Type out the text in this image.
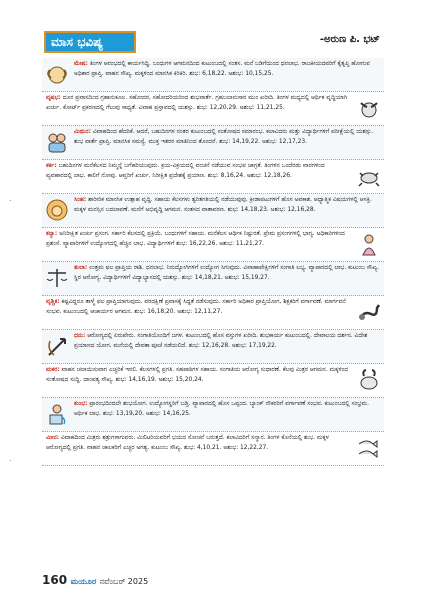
ಮಾಸ ಭವಿಷ್ಯ	-ಅರುಣ ಪಿ. ಭಟ್
ಮೇಷ: ತಿಂಗಳ ಆರಂಭದಲ್ಲಿ ಕಾರ್ಯಸಿದ್ಧಿ. ಬಂಧುಗಳ ಆಗಮನದಿಂದ ಕುಟುಂಬದಲ್ಲಿ ಸಂತಸ. ಮನೆ ಬಡಿಗೆಯಿಂದ ಧನಲಾಭ. ರಾಜಕೀಯದವರಿಗೆ ಕೈತೃಪ್ತಿ ಹೋಗುವ ಅಧಿಕಾರ ಪ್ರಾಪ್ತಿ. ವಾಹನ ಸೌಖ್ಯ. ಮಕ್ಕಳಿಂದ ಮಾನಸಿಕ ಕಿರಿಕಿರಿ. ಶುಭ: 6,18,22. ಅಶುಭ: 10,15,25.
ವೃಷಭ: ದೂರ ಪ್ರವಾಸದಿಂದ ಗ್ರಹಾನುಕೂಲ. ಸಹೋದರ, ಸಹೋದರಿಯರಿಂದ ಶುಭವಾರ್ತೆ. ಗ್ರಹಬಲಾನುಸಾರ ಮುಂ ಖರೀದಿ. ತಿಂಗಳ ಮಧ್ಯದಲ್ಲಿ ಆರ್ಥಿಕ ವೃದ್ಧಿಯಾಗಿ ಖರ್ಚು. ಕೋರ್ಟ್ ಪ್ರಕರಣದಲ್ಲಿ ಗೆಲುವು ಸಾಧ್ಯತೆ. ವಿವಾಹ ಪ್ರಸ್ತಾವದಲ್ಲಿ ಯಶಸ್ಸು. ಶುಭ: 12,20,29. ಅಶುಭ: 11,21,25.
ಮಿಥುನ: ವಿವಾಹದಿಂದ ಹೆದರಿಕೆ. ಆದರೆ, ಬಹುದಿನಗಳ ನಂತರ ಕುಟುಂಬದಲ್ಲಿ ಸಂತೋಷದ ಸಮಾರಂಭ. ಕಲಾವಿದರು ಮತ್ತು ವಿದ್ಯಾರ್ಥಿಗಳಿಗೆ ಪರೀಕ್ಷೆಯಲ್ಲಿ ಯಶಸ್ಸು. ಶುಭ ವಾರ್ತೆ ಪ್ರಾಪ್ತಿ. ಮಾನಸಿಕ ಸಮಸ್ಯೆ. ಮುಕ್ತ ಇತರರ ಮಾತಿನಿಂದ ತೊಂದರೆ. ಶುಭ: 14,19,22. ಅಶುಭ: 12,17,23.
ಕರ್ಕ: ಬಹುದಿನಗಳ ಮನೆಕೆಲಸದ ನಿಮ್ಮನ್ನೆ ಬಗೆಹರಿಯುವುದು. ಕ್ರಯ-ವಿಕ್ರಯದಲ್ಲಿ ವಂಚನೆ ನಡೆಯುವ ಸಂಭವ ಜಾಗ್ರತೆ. ತಿಂಗಳಿನ ಒಂದೆರಡು ವಾರಗಳಿಂದ ವ್ಯವಹಾರದಲ್ಲಿ ಲಾಭ. ಕಾಲಿಗೆ ನೋವು. ಆಪ್ತರಿಗೆ ಖರ್ಚು. ನಿರೀಕ್ಷಿತ ಪ್ರದೇಶಕ್ಕೆ ಪ್ರಯಾಣ. ಶುಭ: 8,16,24. ಅಶುಭ: 12,18,26.
ಸಿಂಹ: ಶಾರೀರಿಕ ಮಾನಸಿಕ ಉತ್ಸಾಹ ವೃದ್ಧಿ. ಸಹಾಯ ಕೆಲಸಗಳು ತ್ವರಿತಗತಿಯಲ್ಲಿ ನಡೆಯುವುವು. ಕ್ರೀಡಾಪಟುಗಳಿಗೆ ಹೊಸ ಅವಕಾಶ. ಆಧ್ಯಾತ್ಮಿಕ ವಿಷಯಗಳಲ್ಲಿ ಆಸಕ್ತಿ. ಮಕ್ಕಳ ಮನಸ್ಸಿನ ಬದಲಾವಣೆ. ಮನೆಗೆ ಅಭಿವೃದ್ಧಿ ಆಗಮನ. ಸಂತಸದ ವಾತಾವರಣ. ಶುಭ: 14,18,23. ಅಶುಭ: 12,16,28.
ಕನ್ಯಾ: ಅನಿರೀಕ್ಷಿತ ಖರ್ಚು ಪ್ರಸಂಗ. ಸರ್ಕಾರಿ ಕೆಲಸದಲ್ಲಿ ಪ್ರಕ್ರಿಯೆ. ಬಂಧುಗಳಿಗೆ ಸಹಾಯ. ಮನೆಕೆಲಸ ಆರ್ಥಿಕ ನಿಷ್ಟುರತೆ. ಪ್ರೇಮ ಪ್ರಸಂಗಗಳಲ್ಲಿ ಭಾಗ್ಯ. ಅಧಿಕಾರಿಗಳಿಂದ ಪ್ರಶಂಸೆ. ವ್ಯಾಪಾರಿಗಳಿಗೆ ಉದ್ಯೋಗದಲ್ಲಿ ಹೆಚ್ಚಿನ ಲಾಭ. ವಿದ್ಯಾರ್ಥಿಗಳಿಗೆ ಶುಭ: 16,22,26. ಅಶುಭ: 11,21,27.
ತುಲಾ: ಉತ್ತಮ ಫಲ ಪ್ರಾಪ್ತಿಯ ರಾಶಿ. ಧನಲಾಭ. ನಿರುದ್ಯೋಗಿಗಳಿಗೆ ಉದ್ಯೋಗ ಸಿಗುವುದು. ವಿವಾಹಾಪೇಕ್ಷಿಗಳಿಗೆ ಸಂಗಾತಿ ಲಭ್ಯ. ವ್ಯಾಪಾರದಲ್ಲಿ ಲಾಭ. ಕುಟುಂಬ ಸೌಖ್ಯ. ಸ್ಥಿರ ಆರೋಗ್ಯ. ವಿದ್ಯಾರ್ಥಿಗಳಿಗೆ ವಿದ್ಯಾಭ್ಯಾಸದಲ್ಲಿ ಯಶಸ್ಸು. ಶುಭ: 14,18,21. ಅಶುಭ: 15,19,27.
ವೃಶ್ಚಿಕ: ಕಷ್ಟವಿದ್ದರೂ ತಾಳ್ಮೆ ಫಲ ಪ್ರಾಪ್ತಿಯಾಗುವುದು. ವರದಕ್ಷಿಣೆ ಪ್ರವಾಸಕ್ಕೆ ಸಿದ್ಧತೆ ನಡೆಸುವುದು. ಸರ್ಕಾರಿ ಅಧಿಕಾರ ಪ್ರಾಪ್ತಿಯೋಗ, ಶಿಕ್ಷಕರಿಗೆ ವರ್ಗಾವಣೆ. ಮಾರ್ಗವನೆ ಸಂಭವ. ಕುಟುಂಬದಲ್ಲಿ ಆಚಾರ್ಯರ ಆಗಮನ. ಶುಭ: 16,18,20. ಅಶುಭ: 12,11,27.
ಧನು: ಆರೋಗ್ಯದಲ್ಲಿ ಏರುಪೇರು. ಸಂಗಾತಿಯೊಂದಿಗೆ ಜಗಳ. ಕುಟುಂಬದಲ್ಲಿ ಹೊಸ ವಸ್ತುಗಳ ಖರೀದಿ. ಶುಭಕಾರ್ಯ ಕುಟುಂಬದಲ್ಲಿ. ದೇವಾಲಯ ದರ್ಶನ. ವಿದೇಶ ಪ್ರಯಾಣದ ಯೋಗ. ಮನೆಯಲ್ಲಿ ದೇವತಾ ಪೂಜೆ ನಡೆಯಲಿದೆ. ಶುಭ: 12,16,28. ಅಶುಭ: 17,19,22.
ಮಕರ: ವಾಹನ ಚಲಾಯಿಸುವಾಗ ಎಚ್ಚರಿಕೆ ಇರಲಿ. ಕೆಲಸಗಳಲ್ಲಿ ಪ್ರಗತಿ. ಸಹಪಾಠಿಗಳ ಸಹಾಯ. ಸಂಗಾತಿಯ ಆರೋಗ್ಯ ಸುಧಾರಣೆ. ಕೆಲವು ಮಿತ್ರರ ಆಗಮನ. ಮಕ್ಕಳಿಂದ ಸಂತೋಷದ ಸುದ್ದಿ. ದಾಂಪತ್ಯ ಸೌಖ್ಯ. ಶುಭ: 14,16,19. ಅಶುಭ: 15,20,24.
ಕುಂಭ: ಪ್ರಾರಂಭದಿಂದಲೇ ಶುಭಯೋಗ. ಉದ್ಯೋಗಸ್ಥರಿಗೆ ಬಡ್ತಿ. ವ್ಯಾಪಾರದಲ್ಲಿ ಹೊಸ ಒಪ್ಪಂದ. ಬ್ಯಾಂಕ್ ನೌಕರರಿಗೆ ವರ್ಗಾವಣೆ ಸಂಭವ. ಕುಟುಂಬದಲ್ಲಿ ಸಂಭ್ರಮ. ಆರ್ಥಿಕ ಲಾಭ. ಶುಭ: 13,19,20. ಅಶುಭ: 14,16,25.
ಮೀನ: ವಿವಾಹದಿಂದ ಮಿತ್ರರು ಶತ್ರುಗಳಾಗುವರು. ಮಿಲಿಟರಿಯವರಿಗೆ ಭಯದ ಸೋಚನೆ ಬರುತ್ತದೆ. ಕಲಾವಿದರಿಗೆ ಸನ್ಮಾನ. ತಿಂಗಳ ಕೊನೆಯಲ್ಲಿ ಶುಭ. ಮಕ್ಕಳ ಆರೋಗ್ಯದಲ್ಲಿ ಪ್ರಗತಿ. ವಾಹನ ಚಾಲಕರಿಗೆ ಎಚ್ಚರ ಅಗತ್ಯ. ಕುಟುಂಬ ಸೌಖ್ಯ. ಶುಭ: 4,10,21. ಅಶುಭ: 12,22,27.
160 ಮಯೂರ ನವೆಂಬರ್ 2025
